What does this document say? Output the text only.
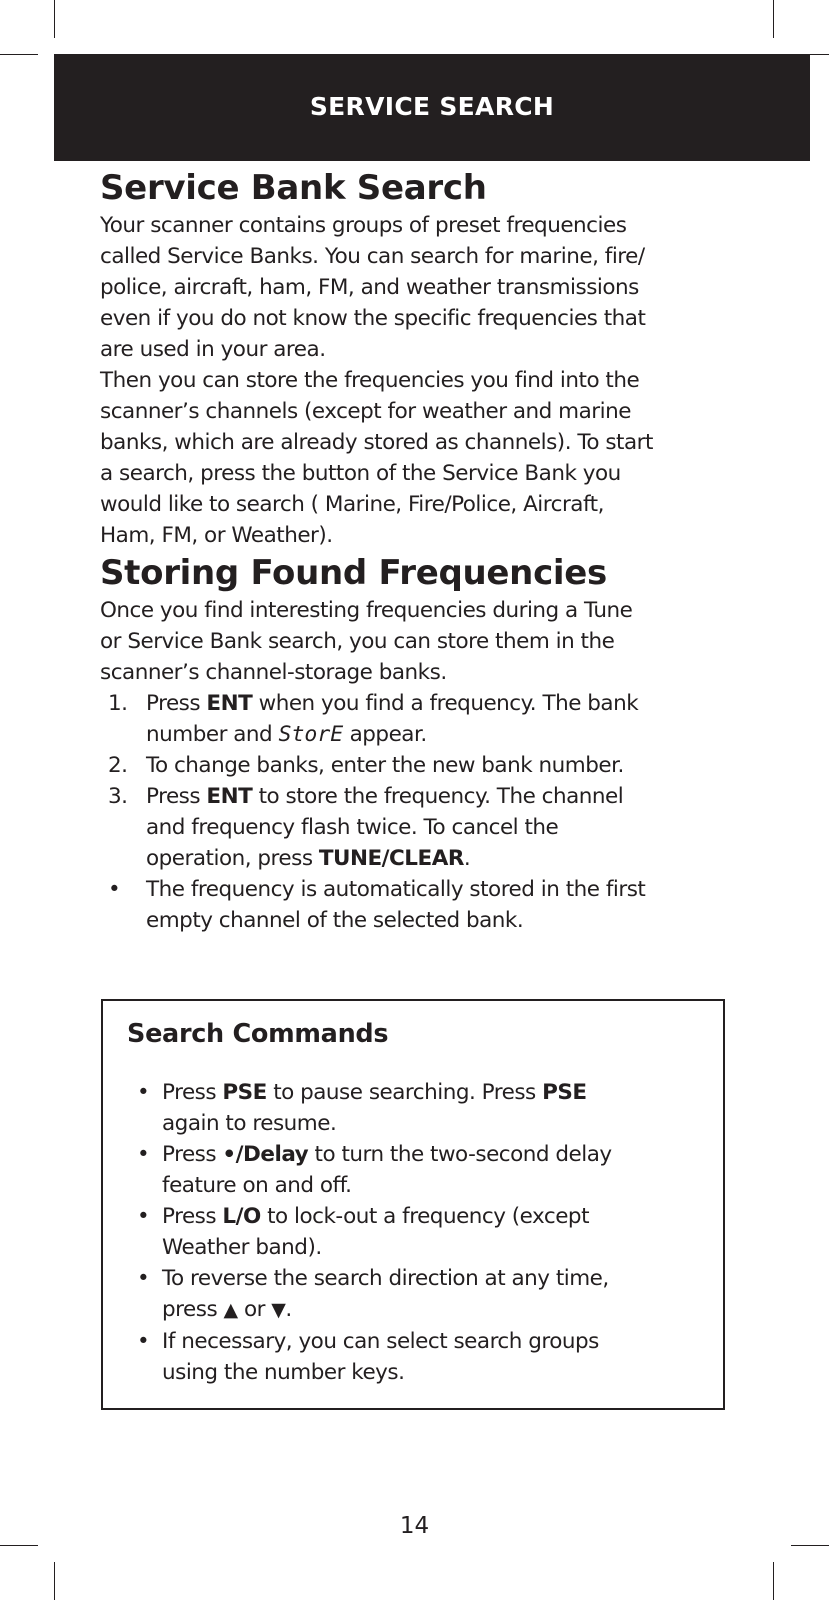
SERVICE SEARCH
Service Bank Search
Your scanner contains groups of preset frequencies
called Service Banks. You can search for marine, fire/
police, aircraft, ham, FM, and weather transmissions
even if you do not know the specific frequencies that
are used in your area.
Then you can store the frequencies you find into the
scanner’s channels (except for weather and marine
banks, which are already stored as channels). To start
a search, press the button of the Service Bank you
would like to search ( Marine, Fire/Police, Aircraft,
Ham, FM, or Weather).
Storing Found Frequencies
Once you find interesting frequencies during a Tune
or Service Bank search, you can store them in the
scanner’s channel-storage banks.
1. Press ENT when you find a frequency. The bank
number and StorE appear.
2. To change banks, enter the new bank number.
3. Press ENT to store the frequency. The channel
and frequency flash twice. To cancel the
operation, press TUNE/CLEAR.
•	The frequency is automatically stored in the first
empty channel of the selected bank.
Search Commands
• Press PSE to pause searching. Press PSE
again to resume.
• Press •/Delay to turn the two-second delay
feature on and off.
• Press L/O to lock-out a frequency (except
Weather band).
• To reverse the search direction at any time,
press ▲ or ▼.
• If necessary, you can select search groups
using the number keys.
14
